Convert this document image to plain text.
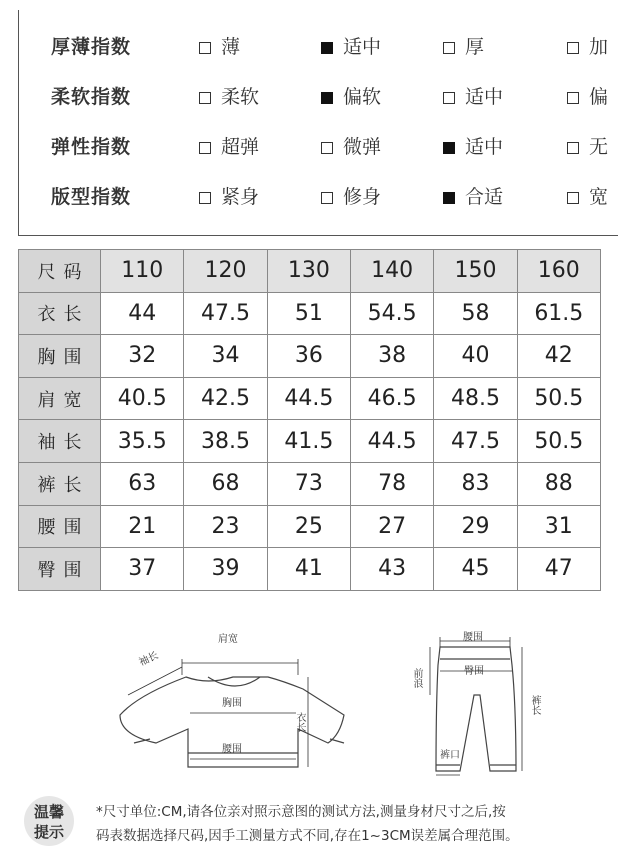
厚薄指数	薄	适中	厚	加
柔软指数	柔软	偏软	适中	偏
弹性指数	超弹	微弹	适中	无
版型指数	紧身	修身	合适	宽
尺码	110	120	130	140	150	160
衣长	44	47.5	51	54.5	58	61.5
胸围	32	34	36	38	40	42
肩宽	40.5	42.5	44.5	46.5	48.5	50.5
袖长	35.5	38.5	41.5	44.5	47.5	50.5
裤长	63	68	73	78	83	88
腰围	21	23	25	27	29	31
臀围	37	39	41	43	45	47
肩宽
袖长
胸围
腰围
衣长
腰围
臀围
前浪
裤长
裤口
温馨
提示
*尺寸单位:CM,请各位亲对照示意图的测试方法,测量身材尺寸之后,按
码表数据选择尺码,因手工测量方式不同,存在1~3CM误差属合理范围。
